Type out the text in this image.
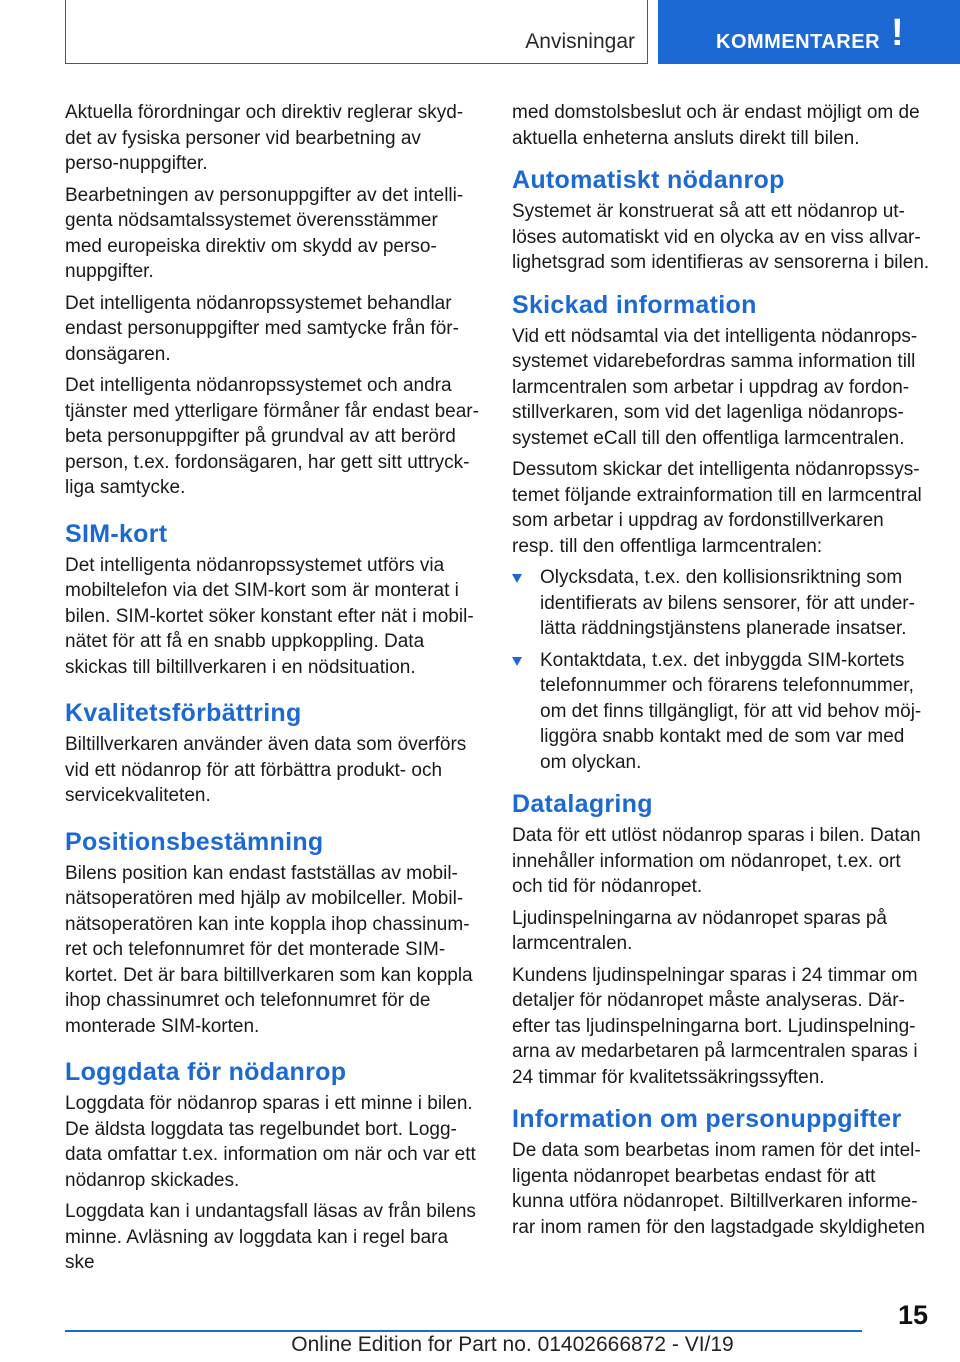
Anvisningar	KOMMENTARER !

Aktuella förordningar och direktiv reglerar skyd-det av fysiska personer vid bearbetning av perso-nuppgifter.

Bearbetningen av personuppgifter av det intelli-genta nödsamtalssystemet överensstämmer med europeiska direktiv om skydd av perso-nuppgifter.

Det intelligenta nödanropssystemet behandlar endast personuppgifter med samtycke från för-donsägaren.

Det intelligenta nödanropssystemet och andra tjänster med ytterligare förmåner får endast bear-beta personuppgifter på grundval av att berörd person, t.ex. fordonsägaren, har gett sitt uttryck-liga samtycke.

SIM-kort

Det intelligenta nödanropssystemet utförs via mobiltelefon via det SIM-kort som är monterat i bilen. SIM-kortet söker konstant efter nät i mobil-nätet för att få en snabb uppkoppling. Data skickas till biltillverkaren i en nödsituation.

Kvalitetsförbättring

Biltillverkaren använder även data som överförs vid ett nödanrop för att förbättra produkt- och servicekvaliteten.

Positionsbestämning

Bilens position kan endast fastställas av mobil-nätsoperatören med hjälp av mobilceller. Mobil-nätsoperatören kan inte koppla ihop chassinum-ret och telefonnumret för det monterade SIM-kortet. Det är bara biltillverkaren som kan koppla ihop chassinumret och telefonnumret för de monterade SIM-korten.

Loggdata för nödanrop

Loggdata för nödanrop sparas i ett minne i bilen. De äldsta loggdata tas regelbundet bort. Logg-data omfattar t.ex. information om när och var ett nödanrop skickades.

Loggdata kan i undantagsfall läsas av från bilens minne. Avläsning av loggdata kan i regel bara ske

med domstolsbeslut och är endast möjligt om de aktuella enheterna ansluts direkt till bilen.

Automatiskt nödanrop

Systemet är konstruerat så att ett nödanrop ut-löses automatiskt vid en olycka av en viss allvar-lighetsgrad som identifieras av sensorerna i bilen.

Skickad information

Vid ett nödsamtal via det intelligenta nödanrops-systemet vidarebefordras samma information till larmcentralen som arbetar i uppdrag av fordon-stillverkaren, som vid det lagenliga nödanrops-systemet eCall till den offentliga larmcentralen.

Dessutom skickar det intelligenta nödanropssys-temet följande extrainformation till en larmcentral som arbetar i uppdrag av fordonstillverkaren resp. till den offentliga larmcentralen:

Olycksdata, t.ex. den kollisionsriktning som identifierats av bilens sensorer, för att under-lätta räddningstjänstens planerade insatser.
Kontaktdata, t.ex. det inbyggda SIM-kortets telefonnummer och förarens telefonnummer, om det finns tillgängligt, för att vid behov möj-liggöra snabb kontakt med de som var med om olyckan.
Datalagring

Data för ett utlöst nödanrop sparas i bilen. Datan innehåller information om nödanropet, t.ex. ort och tid för nödanropet.

Ljudinspelningarna av nödanropet sparas på larmcentralen.

Kundens ljudinspelningar sparas i 24 timmar om detaljer för nödanropet måste analyseras. Där-efter tas ljudinspelningarna bort. Ljudinspelning-arna av medarbetaren på larmcentralen sparas i 24 timmar för kvalitetssäkringssyften.

Information om personuppgifter

De data som bearbetas inom ramen för det intel-ligenta nödanropet bearbetas endast för att kunna utföra nödanropet. Biltillverkaren informe-rar inom ramen för den lagstadgade skyldigheten

15
Online Edition for Part no. 01402666872 - VI/19
